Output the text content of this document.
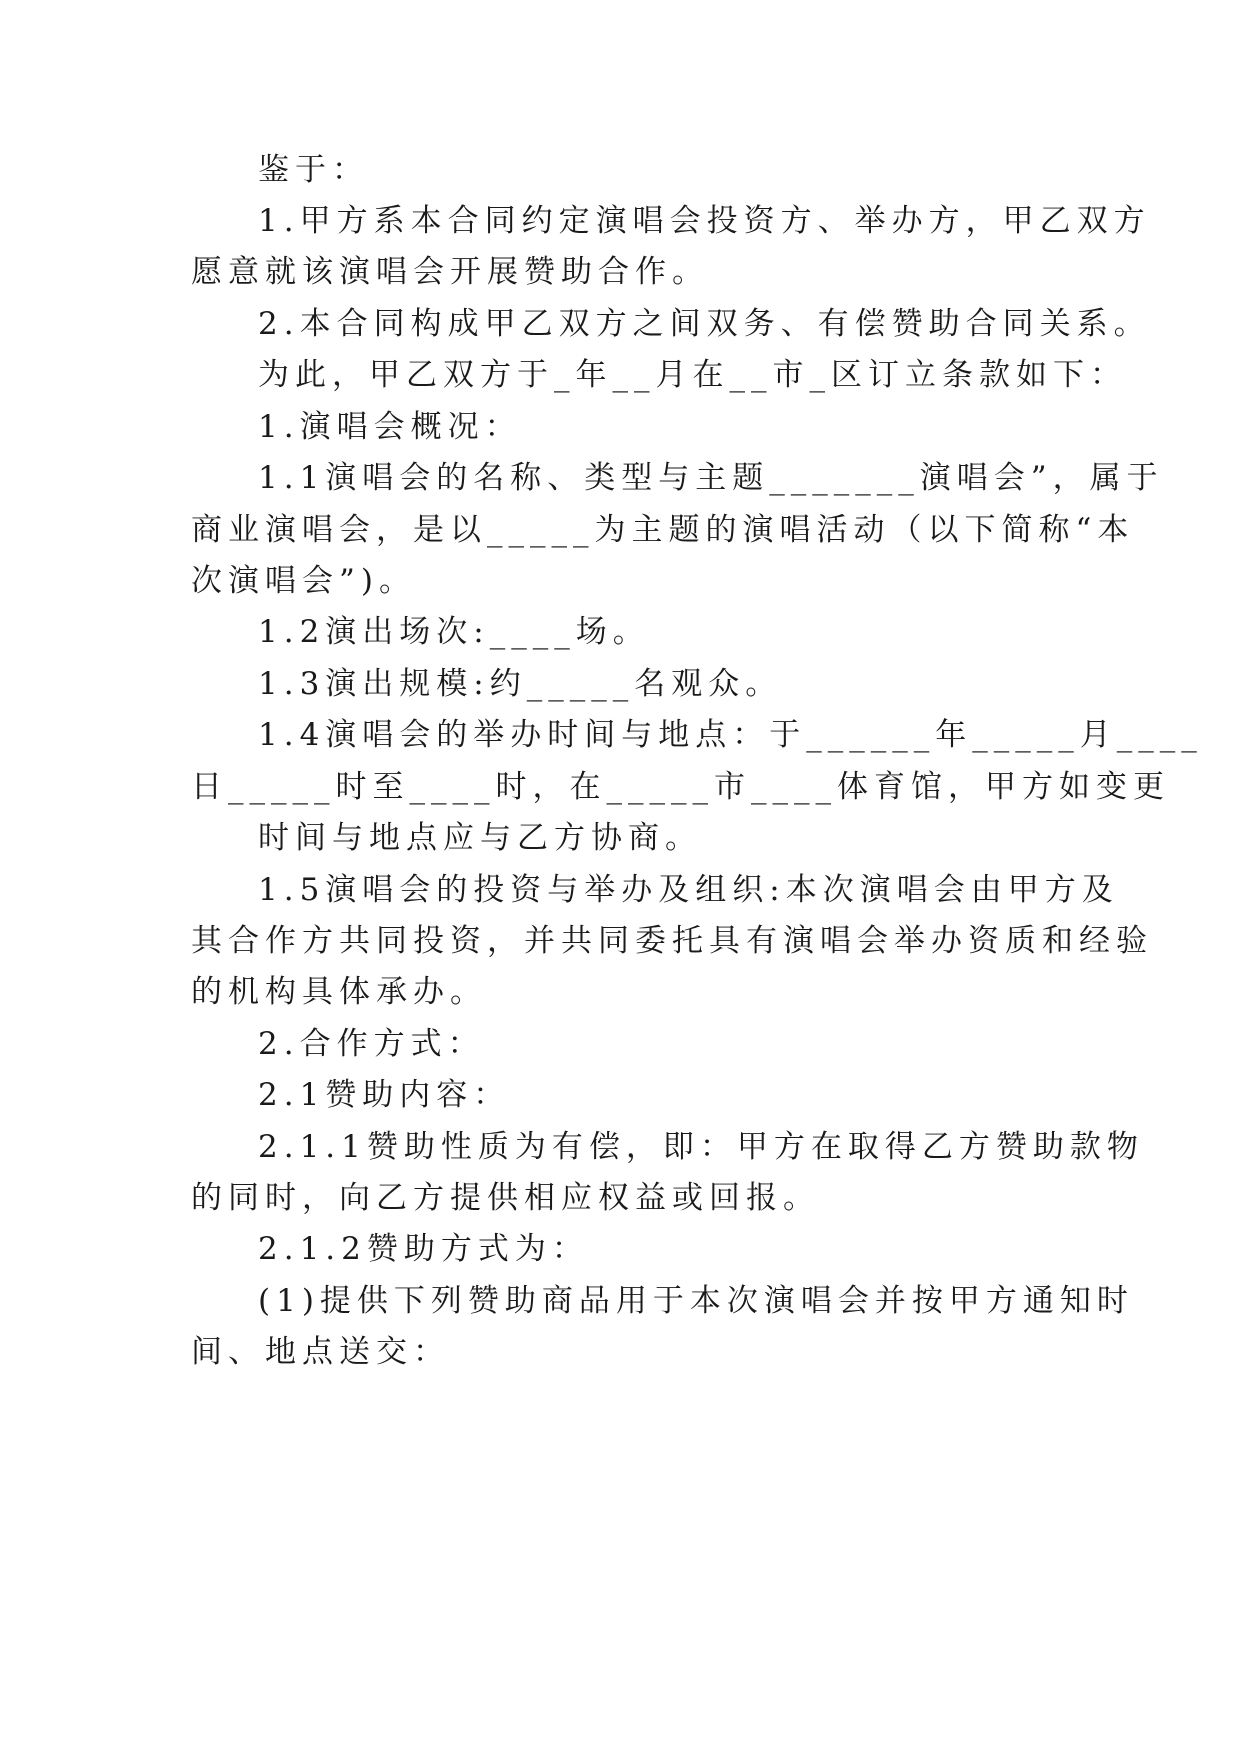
鉴于：
1.甲方系本合同约定演唱会投资方、举办方，甲乙双方
愿意就该演唱会开展赞助合作。
2.本合同构成甲乙双方之间双务、有偿赞助合同关系。
为此，甲乙双方于_年__月在__市_区订立条款如下：
1.演唱会概况：
1.1演唱会的名称、类型与主题_______演唱会”，属于
商业演唱会，是以_____为主题的演唱活动（以下简称“本
次演唱会”)。
1.2演出场次:____场。
1.3演出规模:约_____名观众。
1.4演唱会的举办时间与地点：于______年_____月____
日_____时至____时，在_____市____体育馆，甲方如变更
时间与地点应与乙方协商。
1.5演唱会的投资与举办及组织:本次演唱会由甲方及
其合作方共同投资，并共同委托具有演唱会举办资质和经验
的机构具体承办。
2.合作方式：
2.1赞助内容：
2.1.1赞助性质为有偿，即：甲方在取得乙方赞助款物
的同时，向乙方提供相应权益或回报。
2.1.2赞助方式为：
(1)提供下列赞助商品用于本次演唱会并按甲方通知时
间、地点送交：
